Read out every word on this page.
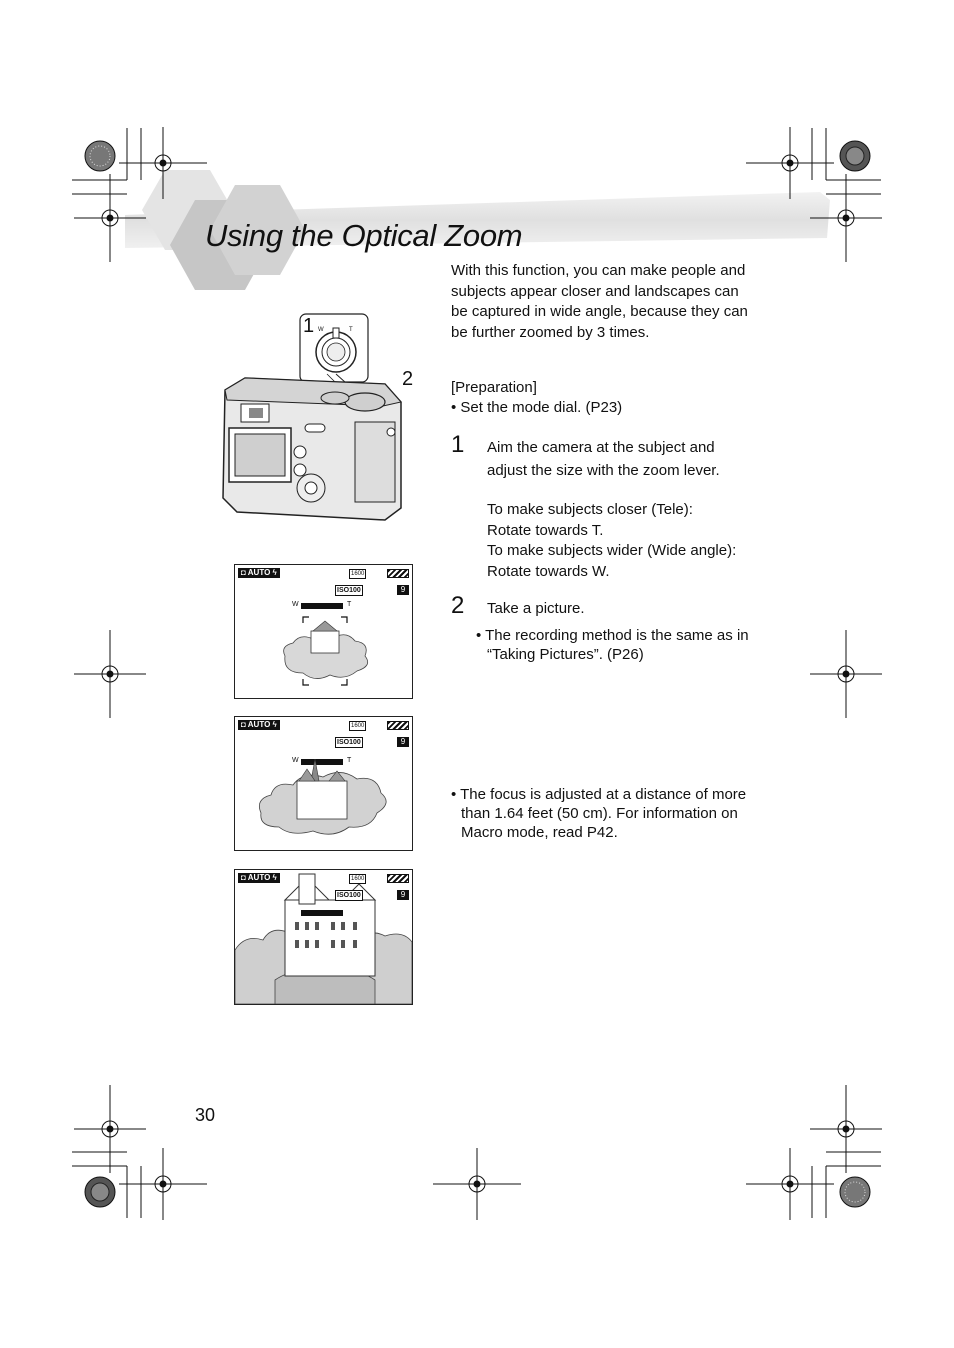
Using the Optical Zoom
With this function, you can make people and subjects appear closer and landscapes can be captured in wide angle, because they can be further zoomed by 3 times.
[Preparation]
• Set the mode dial. (P23)
1 Aim the camera at the subject and
adjust the size with the zoom lever.
To make subjects closer (Tele):
Rotate towards T.
To make subjects wider (Wide angle):
Rotate towards W.
2 Take a picture.
• The recording method is the same as in “Taking Pictures”. (P26)
• The focus is adjusted at a distance of more than 1.64 feet (50 cm). For information on Macro mode, read P42.
1
2
W	T
◘ AUTO ϟ	1600
ISO100	9
W	T
◘ AUTO ϟ	1600
ISO100	9
W	T
◘ AUTO ϟ	1600
ISO100	9
30
